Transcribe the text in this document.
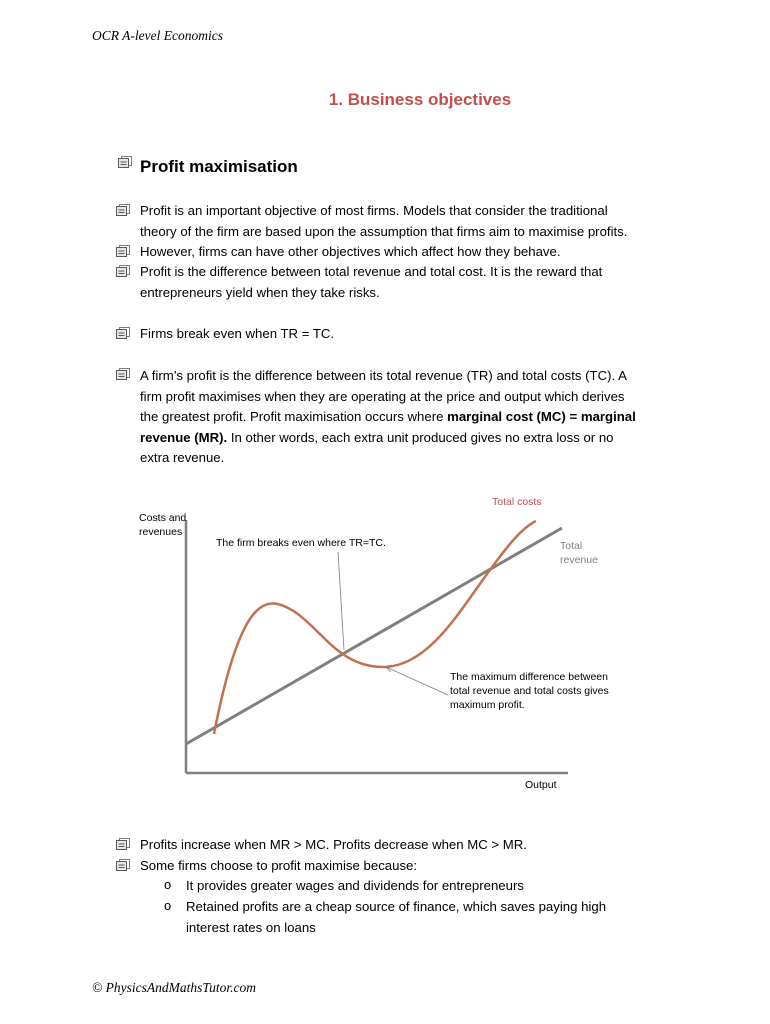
OCR A-level Economics
1. Business objectives
Profit maximisation

Profit is an important objective of most firms. Models that consider the traditional

theory of the firm are based upon the assumption that firms aim to maximise profits.

However, firms can have other objectives which affect how they behave.

Profit is the difference between total revenue and total cost. It is the reward that

entrepreneurs yield when they take risks.

Firms break even when TR = TC.

A firm’s profit is the difference between its total revenue (TR) and total costs (TC). A

firm profit maximises when they are operating at the price and output which derives

the greatest profit. Profit maximisation occurs where marginal cost (MC) = marginal

revenue (MR). In other words, each extra unit produced gives no extra loss or no

extra revenue.

Costs and
revenues
Total costs
Total
revenue
The firm breaks even where TR=TC.
The maximum difference between
total revenue and total costs gives
maximum profit.
Output
Profits increase when MR > MC. Profits decrease when MC > MR.
Some firms choose to profit maximise because:
o It provides greater wages and dividends for entrepreneurs
o Retained profits are a cheap source of finance, which saves paying high

interest rates on loans

© PhysicsAndMathsTutor.com
